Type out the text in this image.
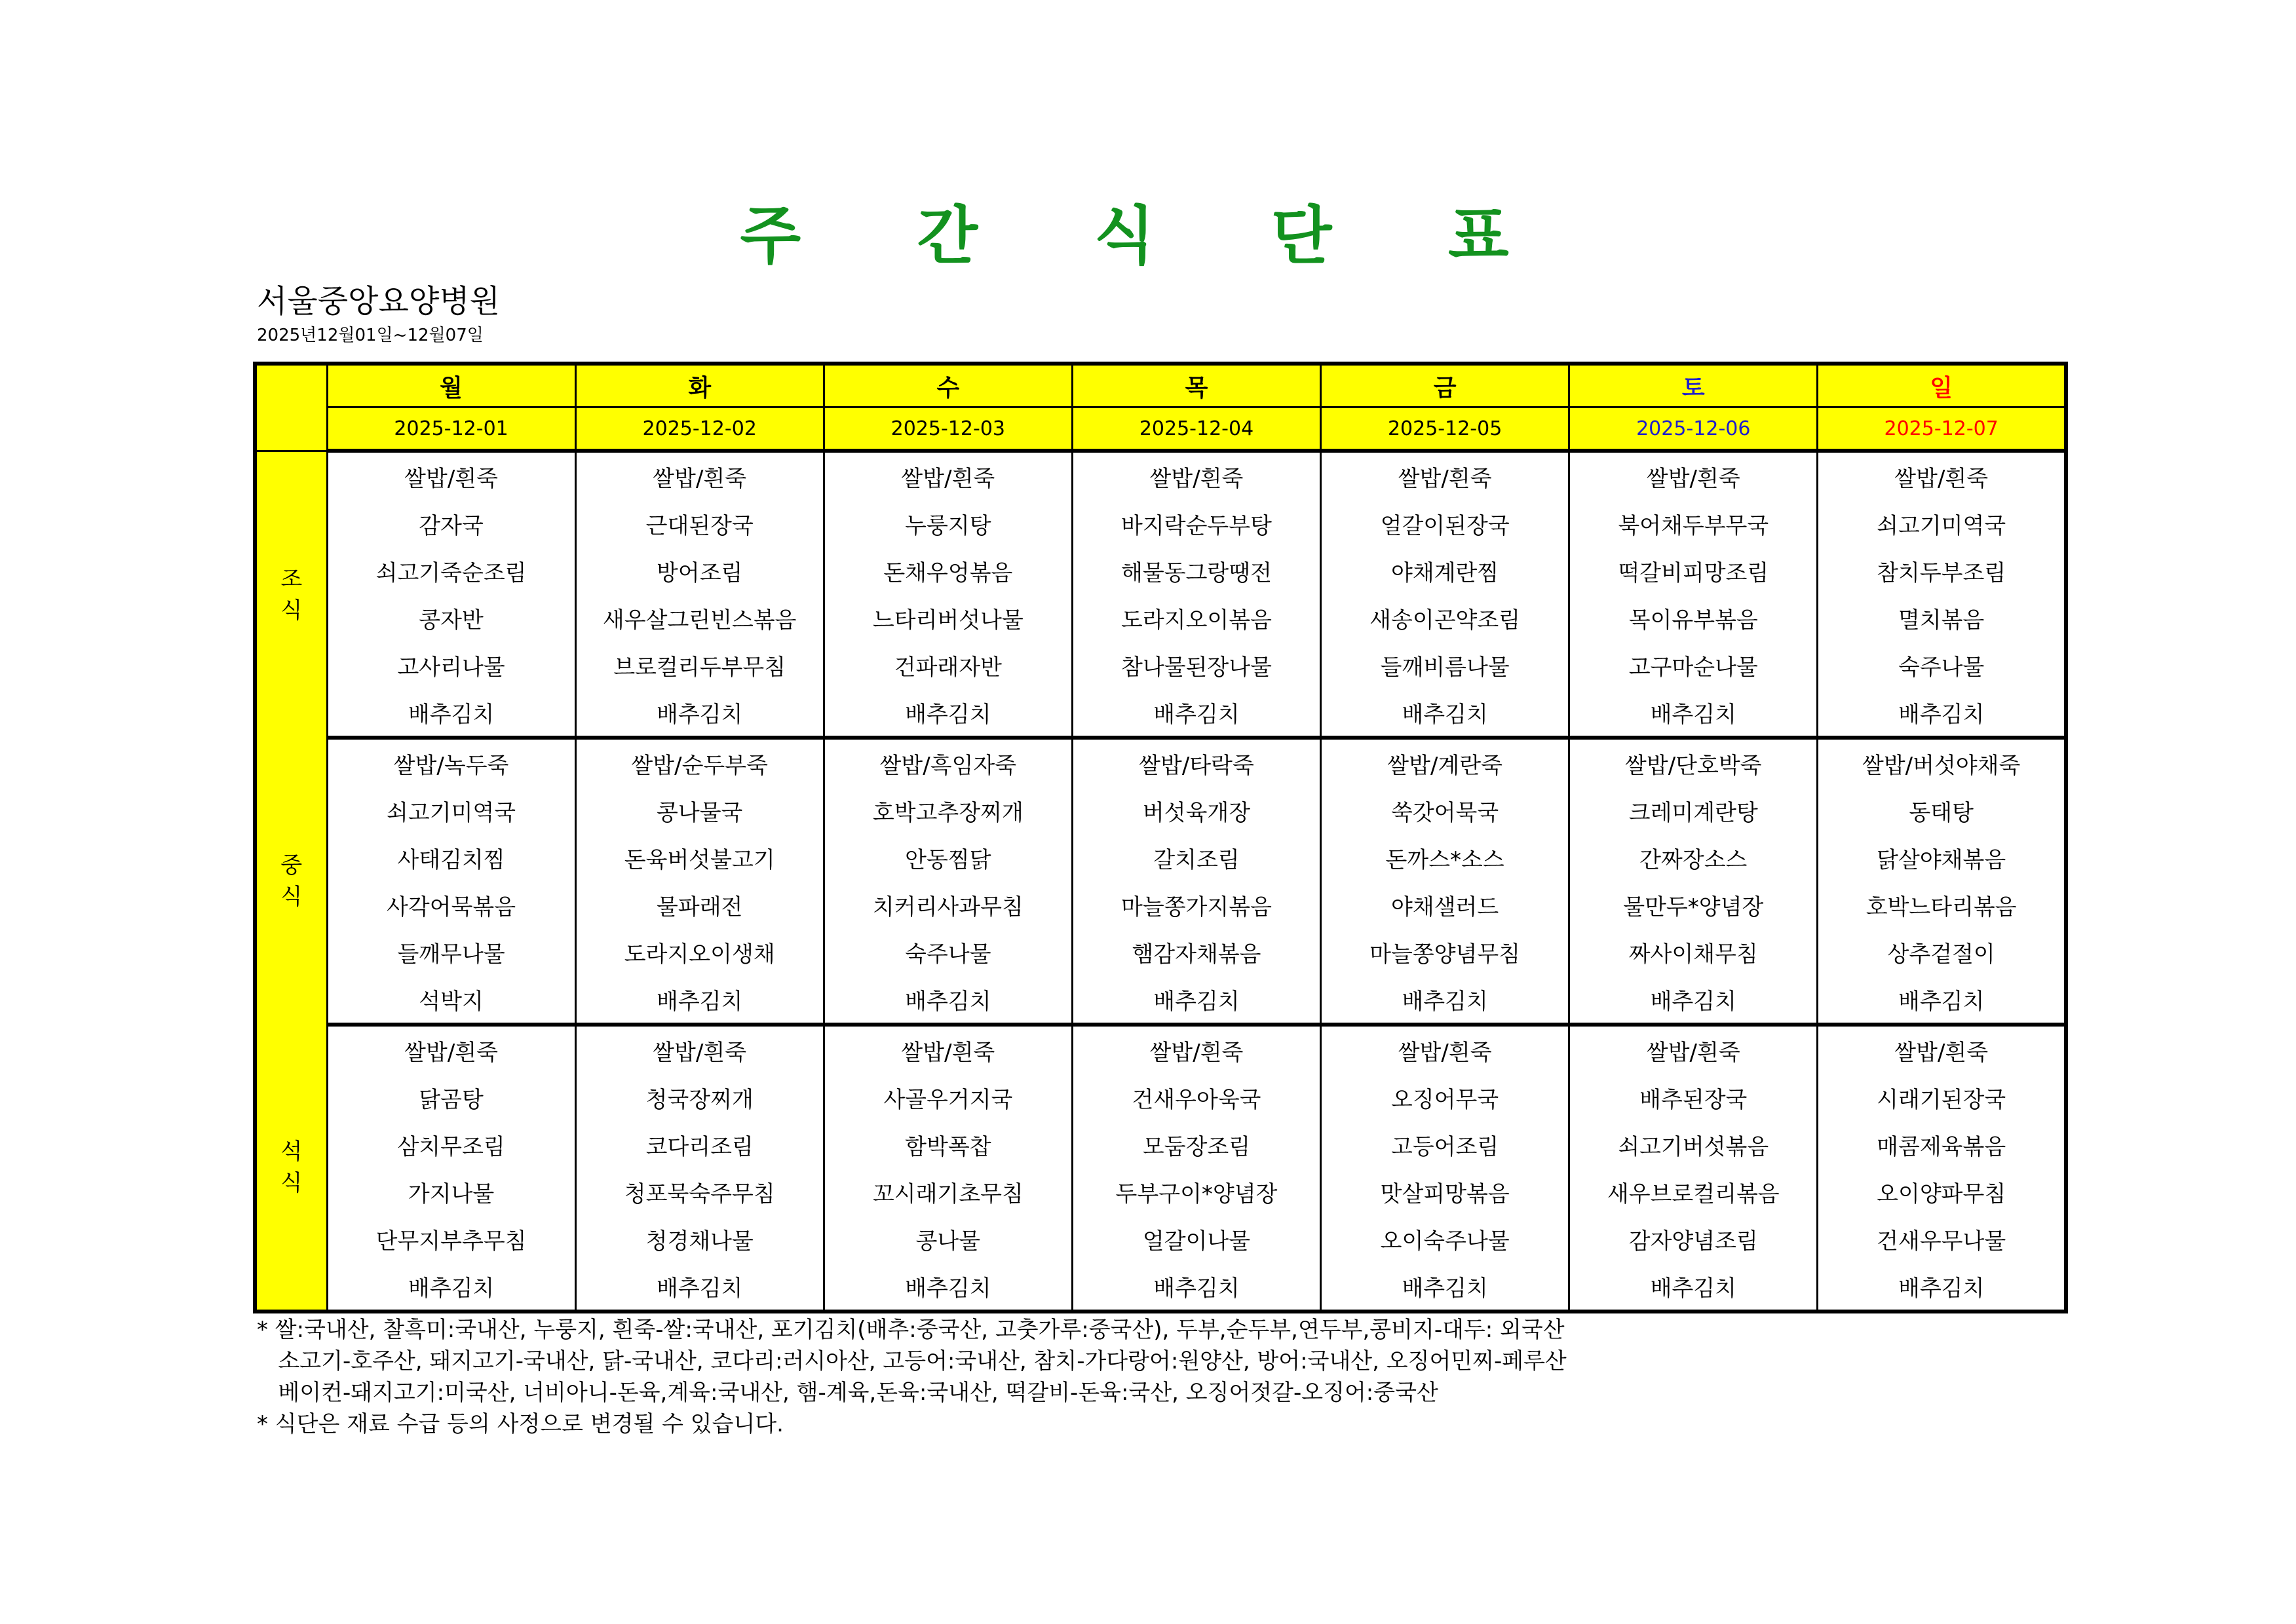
주 간 식 단 표
서울중앙요양병원
2025년12월01일~12월07일
	월	화	수	목	금	토	일
	2025-12-01	2025-12-02	2025-12-03	2025-12-04	2025-12-05	2025-12-06	2025-12-07
조
식	쌀밥/흰죽	쌀밥/흰죽	쌀밥/흰죽	쌀밥/흰죽	쌀밥/흰죽	쌀밥/흰죽	쌀밥/흰죽
	감자국	근대된장국	누룽지탕	바지락순두부탕	얼갈이된장국	북어채두부무국	쇠고기미역국
	쇠고기죽순조림	방어조림	돈채우엉볶음	해물동그랑땡전	야채계란찜	떡갈비피망조림	참치두부조림
	콩자반	새우살그린빈스볶음	느타리버섯나물	도라지오이볶음	새송이곤약조림	목이유부볶음	멸치볶음
	고사리나물	브로컬리두부무침	건파래자반	참나물된장나물	들깨비름나물	고구마순나물	숙주나물
	배추김치	배추김치	배추김치	배추김치	배추김치	배추김치	배추김치
중
식	쌀밥/녹두죽	쌀밥/순두부죽	쌀밥/흑임자죽	쌀밥/타락죽	쌀밥/계란죽	쌀밥/단호박죽	쌀밥/버섯야채죽
	쇠고기미역국	콩나물국	호박고추장찌개	버섯육개장	쑥갓어묵국	크레미계란탕	동태탕
	사태김치찜	돈육버섯불고기	안동찜닭	갈치조림	돈까스*소스	간짜장소스	닭살야채볶음
	사각어묵볶음	물파래전	치커리사과무침	마늘쫑가지볶음	야채샐러드	물만두*양념장	호박느타리볶음
	들깨무나물	도라지오이생채	숙주나물	햄감자채볶음	마늘쫑양념무침	짜사이채무침	상추겉절이
	석박지	배추김치	배추김치	배추김치	배추김치	배추김치	배추김치
석
식	쌀밥/흰죽	쌀밥/흰죽	쌀밥/흰죽	쌀밥/흰죽	쌀밥/흰죽	쌀밥/흰죽	쌀밥/흰죽
	닭곰탕	청국장찌개	사골우거지국	건새우아욱국	오징어무국	배추된장국	시래기된장국
	삼치무조림	코다리조림	함박폭찹	모둠장조림	고등어조림	쇠고기버섯볶음	매콤제육볶음
	가지나물	청포묵숙주무침	꼬시래기초무침	두부구이*양념장	맛살피망볶음	새우브로컬리볶음	오이양파무침
	단무지부추무침	청경채나물	콩나물	얼갈이나물	오이숙주나물	감자양념조림	건새우무나물
	배추김치	배추김치	배추김치	배추김치	배추김치	배추김치	배추김치
* 쌀:국내산, 찰흑미:국내산, 누룽지, 흰죽-쌀:국내산, 포기김치(배추:중국산, 고춧가루:중국산), 두부,순두부,연두부,콩비지-대두: 외국산
소고기-호주산, 돼지고기-국내산, 닭-국내산, 코다리:러시아산, 고등어:국내산, 참치-가다랑어:원양산, 방어:국내산, 오징어민찌-페루산
베이컨-돼지고기:미국산, 너비아니-돈육,계육:국내산, 햄-계육,돈육:국내산, 떡갈비-돈육:국산, 오징어젓갈-오징어:중국산
* 식단은 재료 수급 등의 사정으로 변경될 수 있습니다.
